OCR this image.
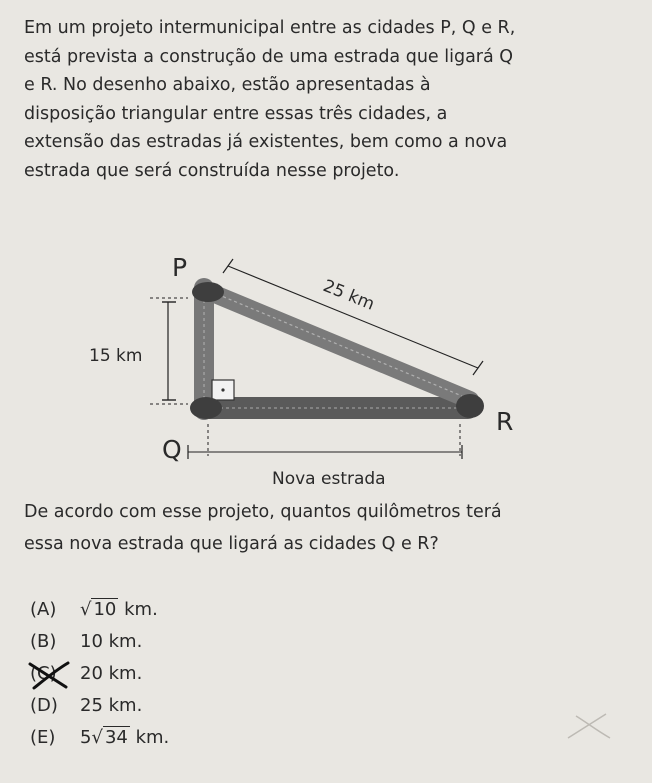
Em um projeto intermunicipal entre as cidades P, Q e R,
está prevista a construção de uma estrada que ligará Q
e R. No desenho abaixo, estão apresentadas à
disposição triangular entre essas três cidades, a
extensão das estradas já existentes, bem como a nova
estrada que será construída nesse projeto.
P
Q
R
15 km
25 km
Nova estrada
De acordo com esse projeto, quantos quilômetros terá
essa nova estrada que ligará as cidades Q e R?
(A) √ 10 km.
(B) 10 km.
(C) 20 km.
(D) 25 km.
(E) 5√ 34 km.
